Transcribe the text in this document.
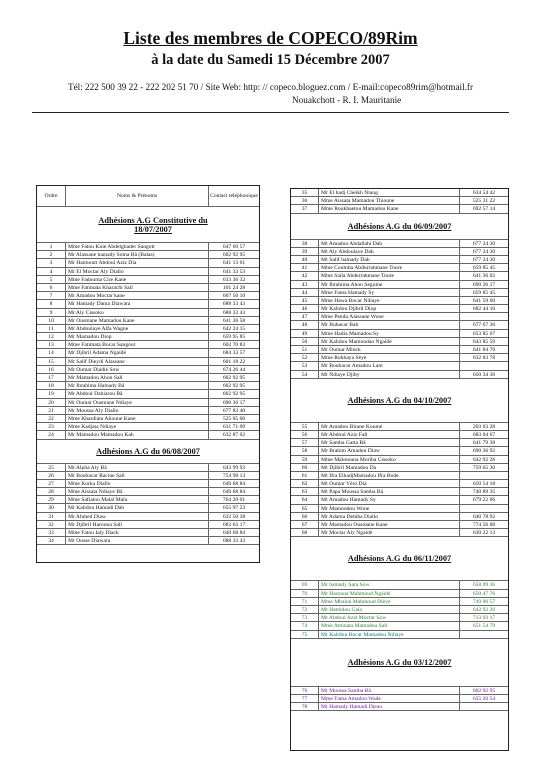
Liste des membres de COPECO/89Rim
à la date du Samedi 15 Décembre 2007
Tél: 222 500 39 22 - 222 202 51 70 / Site Web: http: // copeco.bloguez.com / E-mail:copeco89rim@hotmail.fr
Nouakchott - R. I. Mauritanie
Ordre	Noms & Prénoms	Contact téléphonique
Adhésions A.G Constitutive du 18/07/2007
1	Mme Fatou Kiné Abdelghader Sangott	647 69 57
2	Mr Alassane hamady Soma Bâ (Balas)	602 92 95
3	Mr Haimoutt Abdoul Aziz Dia	641 13 61
4	Mr El Moctar Aly Diallo	641 33 53
5	Mme Fadouma Cire Kane	633 36 32
6	Mme Fatimata Kharachi Sall	101 24 28
7	Mr Amadou Moctar kane	607 50 10
8	Mr Hamady Dama Diawara	688 33 43
9	Mr Aly Cissoko	688 33 43
10	Mr Ousmane Mamadou Kane	641 36 58
11	Mr Abdoulaye Alfa Wagne	642 24 15
12	Mr Mamadou Diop	659 95 85
13	Mme Fatimata Bocar Sangout	602 70 83
14	Mr Djibril Adama Ngaïdé	684 33 57
15	Mr Salif Dieydi Alassane	601 18 22
16	Mr Oumar Diadié Sow	674 26 44
17	Mr Mamadou Ahon Sall	602 92 95
18	Mr Ibrahima Hamady Bâ	602 92 95
19	Mr Abdoul Dahiarou Bâ	602 92 95
20	Mr Oumar Ousmane Ndiaye	690 36 17
21	Mr Moussa Aly Diallo	677 83 40
22	Mme Khardiata Alioune Kane	525 05 06
23	Mme Kadjata Ndiaye	631 71 09
24	Mr Mamadou Mamadou Kah	632 87 02
Adhésions A.G du 06/08/2007
25	Mr Alpha Aly Bâ	643 99 93
26	Mr Boubacar Racine Sall	754 98 13
27	Mme Korka Diallo	640 68 84
28	Mme Aïssata Ndiaye Bâ	640 68 84
29	Mme Safiatou Malal Mala	764 20 01
30	Mr Kalidou Hamadi Dah	655 97 23
31	Mr Ahmed Diaw	632 50 38
32	Mr Djibril Harouna Sall	683 63 17
33	Mme Fatou Ialy Diack	640 68 84
34	Mr Ousse Diawara	688 33 43
35	Mr El hadj Cheikh Niang	634 54 42
36	Mme Aissata Mamadou Thioune	525 31 22
37	Mme Roukhaetou Mamadou Kane	692 57 14
Adhésions A.G du 06/09/2007
38	Mr Amadou Abdallahi Dah	677 24 30
39	Mr Aly Abdoulaye Dah	677 24 30
40	Mr Salif hamady Dah	677 24 30
41	Mme Coumba Abdurrahmane Toure	659 85 45
42	Mme Saïla Abderrahmane Toure	641 36 02
43	Mr Ibrahima Ahon Seguine	690 26 17
44	Mme Fama Hamady Sy	659 85 45
45	Mme Hawa Bocar Ndiaye	641 59 60
46	Mr Kalidou Djibril Diop	682 44 16
47	Mme Pendu Alassane Wone
48	Mr Bubacar Bah	677 67 36
49	Mme Hadia Mamadou Sy	653 85 07
50	Mr Kalidou Mamoudao Ngaïdé	643 85 59
51	Mr Oumar Minck	641 84 70
52	Mme Rokhaya Sèye	632 83 78
53	Mr Boubacar Amadou Lam
54	Mr Ndiaye Djiby	650 34 36
Adhésions A.G du 04/10/2007
55	Mr Amadou Birane Koumé	203 03 28
56	Mr Abdoul Aziz Fall	683 04 67
57	Mr Samba Gatta Bâ	641 79 38
58	Mr Brahim Amadou Diaw	690 36 92
59	Mme Maïmouna Moriba Cissoko	642 92 26
60	Mr Djibril Mamadou Da	759 65 30
61	Mr Ifra ElhadjMamadou Ifra Bode
62	Mr Oumar Yéro Dia	650 54 18
63	Mr Papa Moussa Samba Bâ	740 89 35
64	Mr Amadou Hamady Sy	679 22 06
65	Mr Mamoudou Wone
66	Mr Adama Demba Diallo	640 78 92
67	Mr Mamadou Ousmane Kane	774 56 88
68	Mr Moctar Aly Ngaïdé	630 22 13
Adhésions A.G du 06/11/2007
69	Mr hamady Sara Sow	658 09 36
70	Mr Harouna Mahmoud Ngaïdé	650 47 76
71	Mme Mbaloé Mahmoud Dièye	749 96 57
72	Mr Hamidou Gaïo	642 92 26
73	Mr Abdoul Aziz Moctar Sow	713 03 17
74	Mme Aminata Mamadou Sall	651 54 79
75	Mr Kalidou Bocar Mamadou Ndiaye
Adhésions A.G du 03/12/2007
76	Mr Moussa Samba Bâ	602 92 95
77	Mme Fama Amadou Wade	655 20 54
78	Mr Hamady Hamadi Djeau
